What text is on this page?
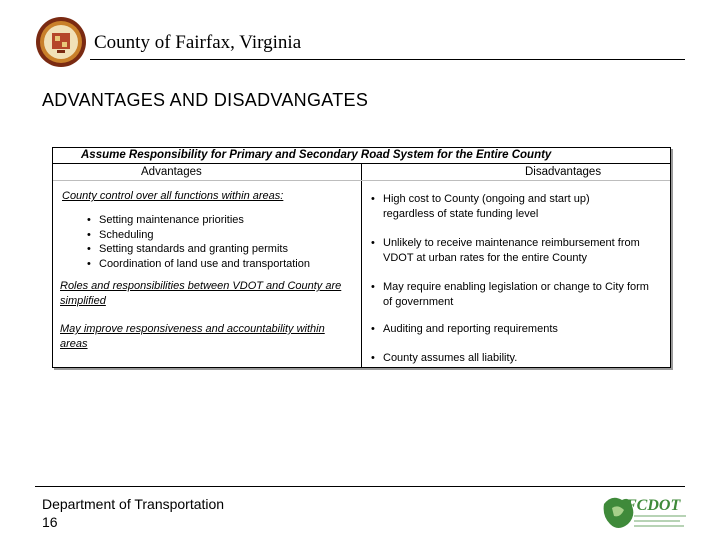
County of Fairfax, Virginia
ADVANTAGES AND DISADVANGATES
Assume Responsibility for Primary and Secondary Road System for the Entire County
Advantages	Disadvantages
County control over all functions within areas:
• Setting maintenance priorities
• Scheduling
• Setting standards and granting permits
• Coordination of land use and transportation
Roles and responsibilities between VDOT and County are simplified
May improve responsiveness and accountability within areas
• High cost to County (ongoing and start up) regardless of state funding level
• Unlikely to receive maintenance reimbursement from VDOT at urban rates for the entire County
• May require enabling legislation or change to City form of government
• Auditing and reporting requirements
• County assumes all liability.
Department of Transportation
16
FCDOT
